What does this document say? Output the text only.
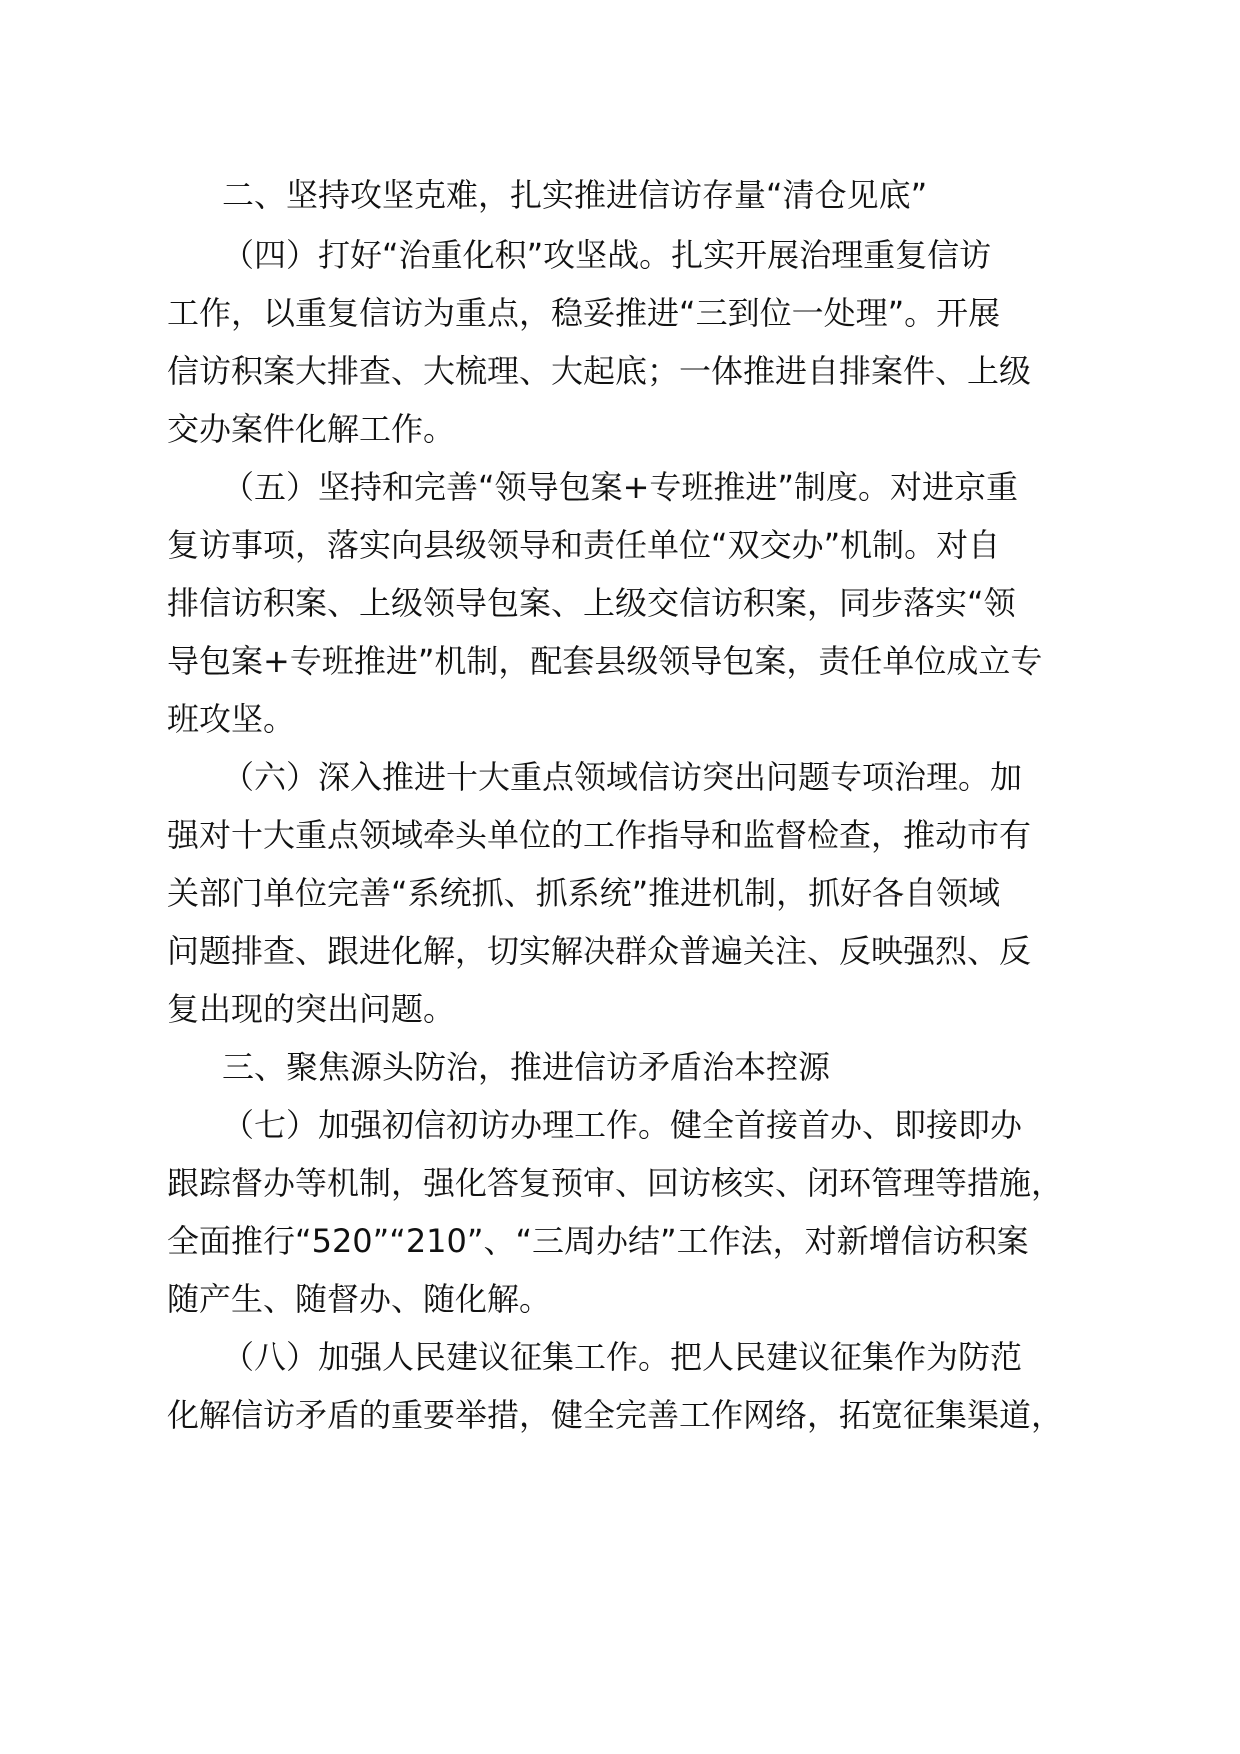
二、坚持攻坚克难，扎实推进信访存量“清仓见底”
（四）打好“治重化积”攻坚战。扎实开展治理重复信访
工作，以重复信访为重点，稳妥推进“三到位一处理”。开展
信访积案大排查、大梳理、大起底；一体推进自排案件、上级
交办案件化解工作。
（五）坚持和完善“领导包案+专班推进”制度。对进京重
复访事项，落实向县级领导和责任单位“双交办”机制。对自
排信访积案、上级领导包案、上级交信访积案，同步落实“领
导包案+专班推进”机制，配套县级领导包案，责任单位成立专
班攻坚。
（六）深入推进十大重点领域信访突出问题专项治理。加
强对十大重点领域牵头单位的工作指导和监督检查，推动市有
关部门单位完善“系统抓、抓系统”推进机制，抓好各自领域
问题排查、跟进化解，切实解决群众普遍关注、反映强烈、反
复出现的突出问题。
三、聚焦源头防治，推进信访矛盾治本控源
（七）加强初信初访办理工作。健全首接首办、即接即办
跟踪督办等机制，强化答复预审、回访核实、闭环管理等措施，
全面推行“520”“210”、“三周办结”工作法，对新增信访积案
随产生、随督办、随化解。
（八）加强人民建议征集工作。把人民建议征集作为防范
化解信访矛盾的重要举措，健全完善工作网络，拓宽征集渠道，
